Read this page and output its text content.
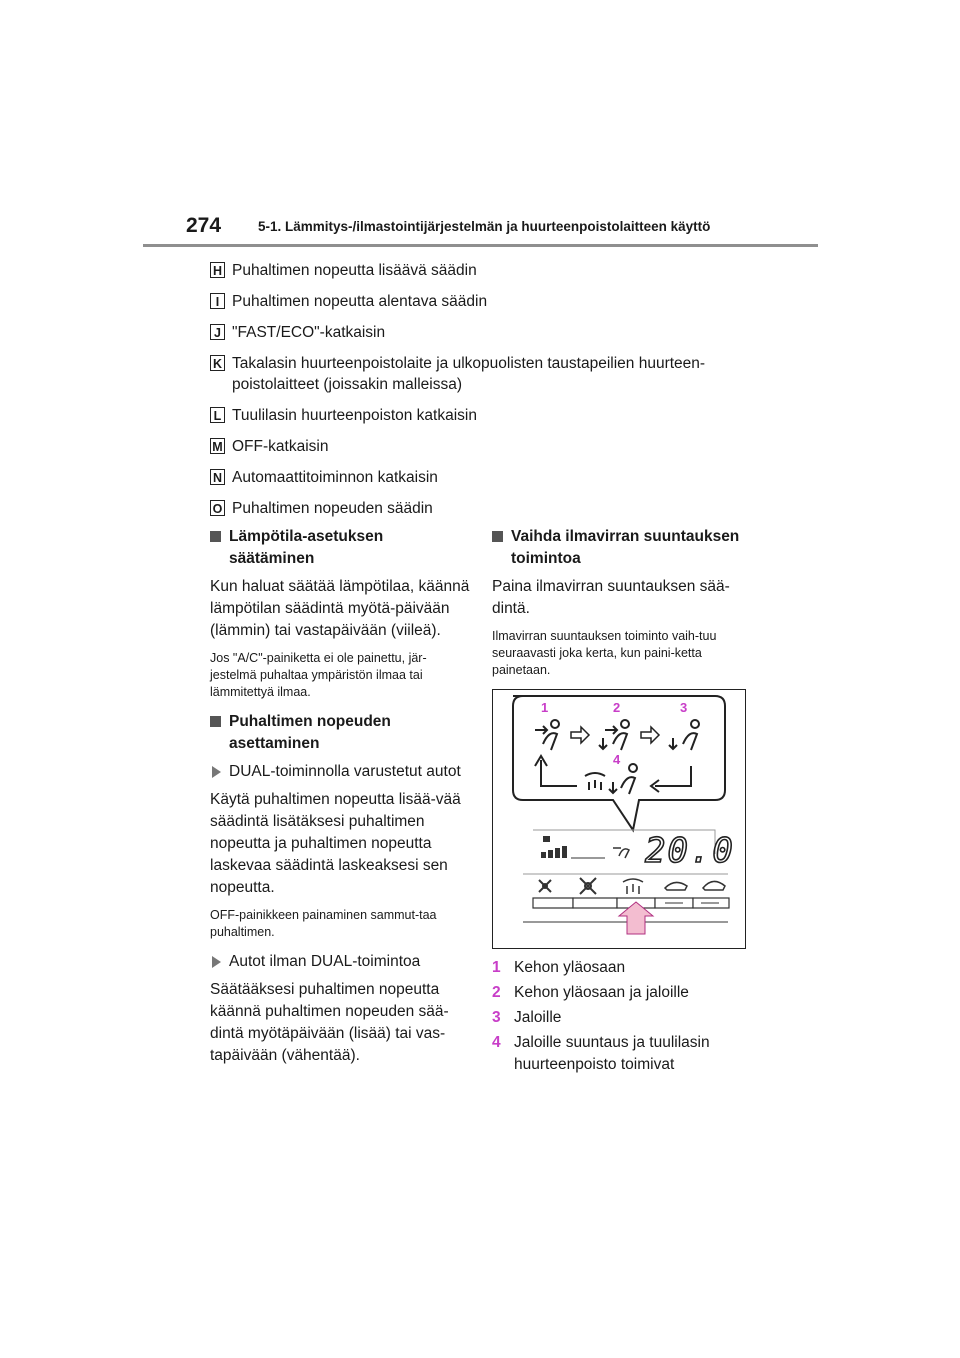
274	5-1. Lämmitys-/ilmastointijärjestelmän ja huurteenpoistolaitteen käyttö
H Puhaltimen nopeutta lisäävä säädin
I Puhaltimen nopeutta alentava säädin
J "FAST/ECO"-katkaisin
K Takalasin huurteenpoistolaite ja ulkopuolisten taustapeilien huurteen-poistolaitteet (joissakin malleissa)
L Tuulilasin huurteenpoiston katkaisin
M OFF-katkaisin
N Automaattitoiminnon katkaisin
O Puhaltimen nopeuden säädin
Lämpötila-asetuksen säätäminen
Kun haluat säätää lämpötilaa, käännä lämpötilan säädintä myötä-päivään (lämmin) tai vastapäivään (viileä).
Jos "A/C"-painiketta ei ole painettu, jär-jestelmä puhaltaa ympäristön ilmaa tai lämmitettyä ilmaa.
Puhaltimen nopeuden asettaminen
DUAL-toiminnolla varustetut autot
Käytä puhaltimen nopeutta lisää-vää säädintä lisätäksesi puhaltimen nopeutta ja puhaltimen nopeutta laskevaa säädintä laskeaksesi sen nopeutta.
OFF-painikkeen painaminen sammut-taa puhaltimen.
Autot ilman DUAL-toimintoa
Säätääksesi puhaltimen nopeutta käännä puhaltimen nopeuden sää-dintä myötäpäivään (lisää) tai vas-tapäivään (vähentää).
Vaihda ilmavirran suuntauksen toimintoa
Paina ilmavirran suuntauksen sää-dintä.
Ilmavirran suuntauksen toiminto vaih-tuu seuraavasti joka kerta, kun paini-ketta painetaan.
1	2	3
4
20.0
1 Kehon yläosaan
2 Kehon yläosaan ja jaloille
3 Jaloille
4 Jaloille suuntaus ja tuulilasin huurteenpoisto toimivat
